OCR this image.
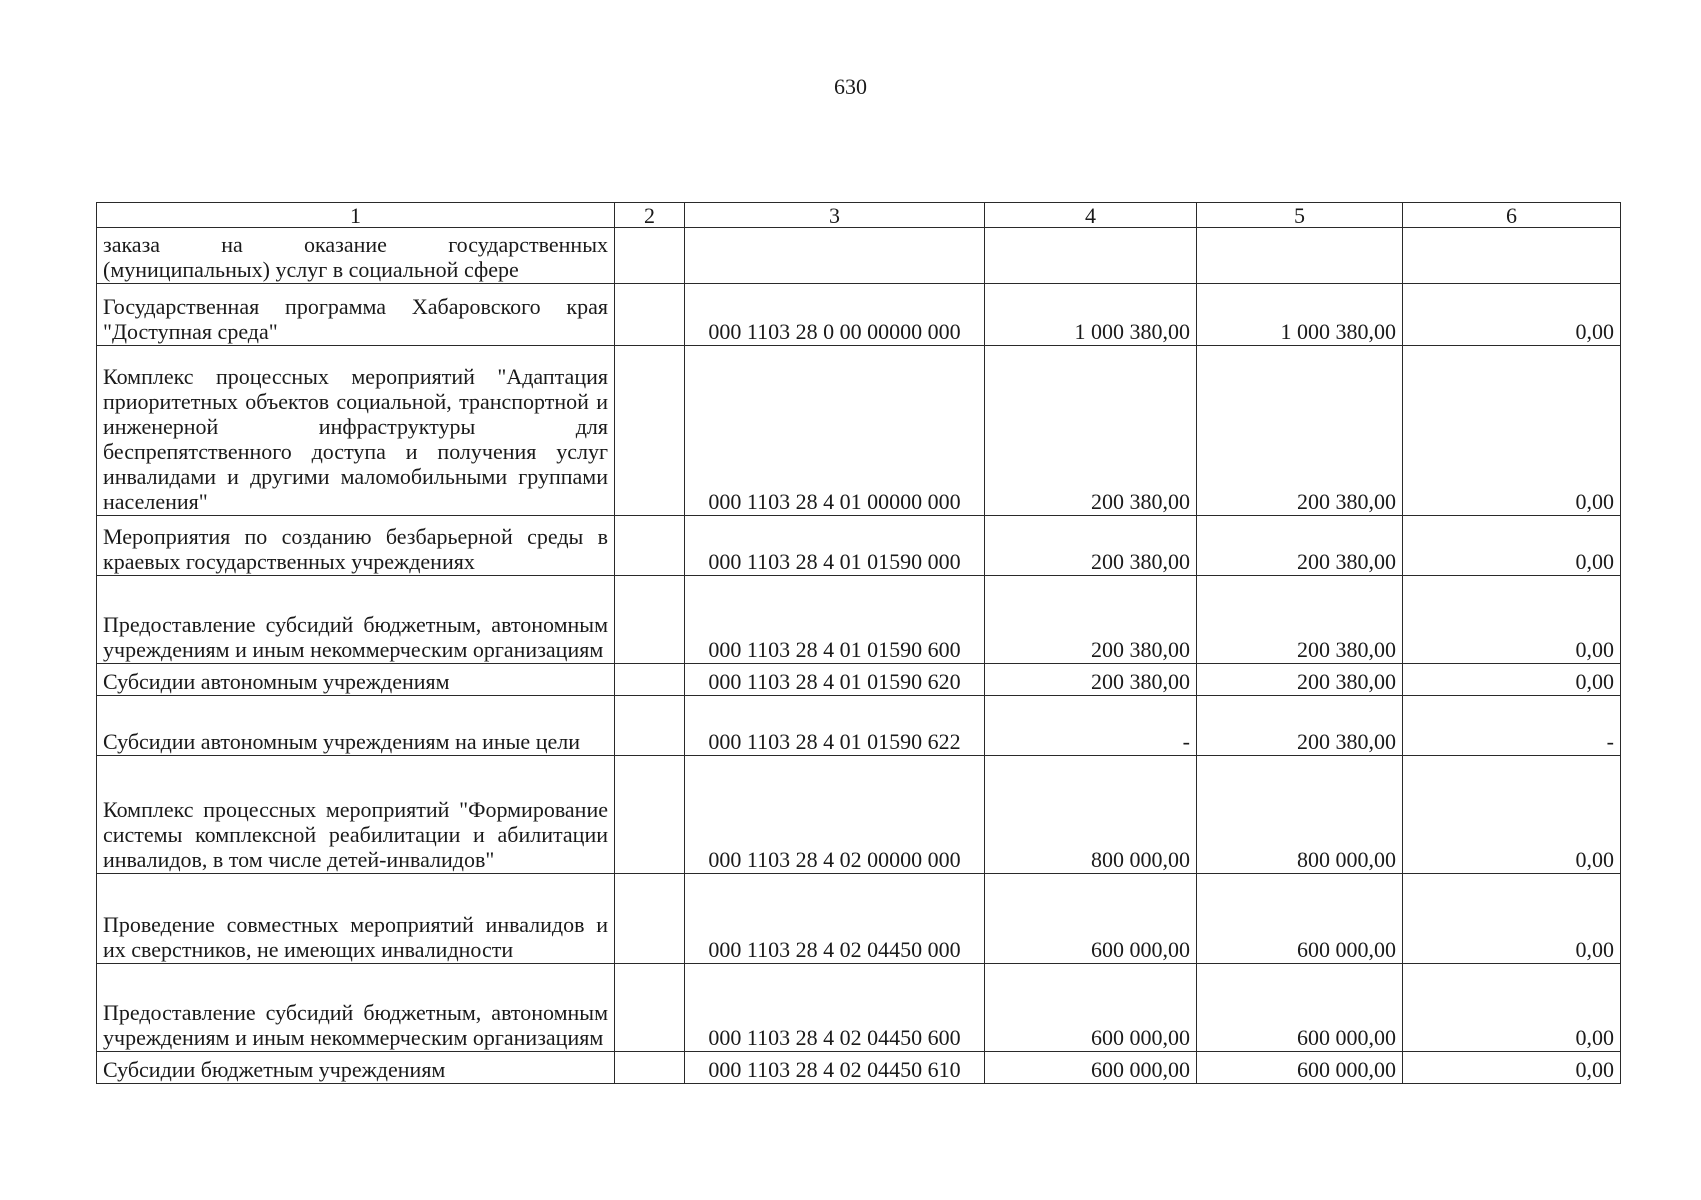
630
1	2	3	4	5	6
заказа на оказание государственных (муниципальных) услуг в социальной сфере					
Государственная программа Хабаровского края "Доступная среда"		000 1103 28 0 00 00000 000	1 000 380,00	1 000 380,00	0,00
Комплекс процессных мероприятий "Адаптация приоритетных объектов социальной, транспортной и инженерной инфраструктуры для беспрепятственного доступа и получения услуг инвалидами и другими маломобильными группами населения"		000 1103 28 4 01 00000 000	200 380,00	200 380,00	0,00
Мероприятия по созданию безбарьерной среды в краевых государственных учреждениях		000 1103 28 4 01 01590 000	200 380,00	200 380,00	0,00
Предоставление субсидий бюджетным, автономным учреждениям и иным некоммерческим организациям		000 1103 28 4 01 01590 600	200 380,00	200 380,00	0,00
Субсидии автономным учреждениям		000 1103 28 4 01 01590 620	200 380,00	200 380,00	0,00
Субсидии автономным учреждениям на иные цели		000 1103 28 4 01 01590 622	-	200 380,00	-
Комплекс процессных мероприятий "Формирование системы комплексной реабилитации и абилитации инвалидов, в том числе детей-инвалидов"		000 1103 28 4 02 00000 000	800 000,00	800 000,00	0,00
Проведение совместных мероприятий инвалидов и их сверстников, не имеющих инвалидности		000 1103 28 4 02 04450 000	600 000,00	600 000,00	0,00
Предоставление субсидий бюджетным, автономным учреждениям и иным некоммерческим организациям		000 1103 28 4 02 04450 600	600 000,00	600 000,00	0,00
Субсидии бюджетным учреждениям		000 1103 28 4 02 04450 610	600 000,00	600 000,00	0,00
